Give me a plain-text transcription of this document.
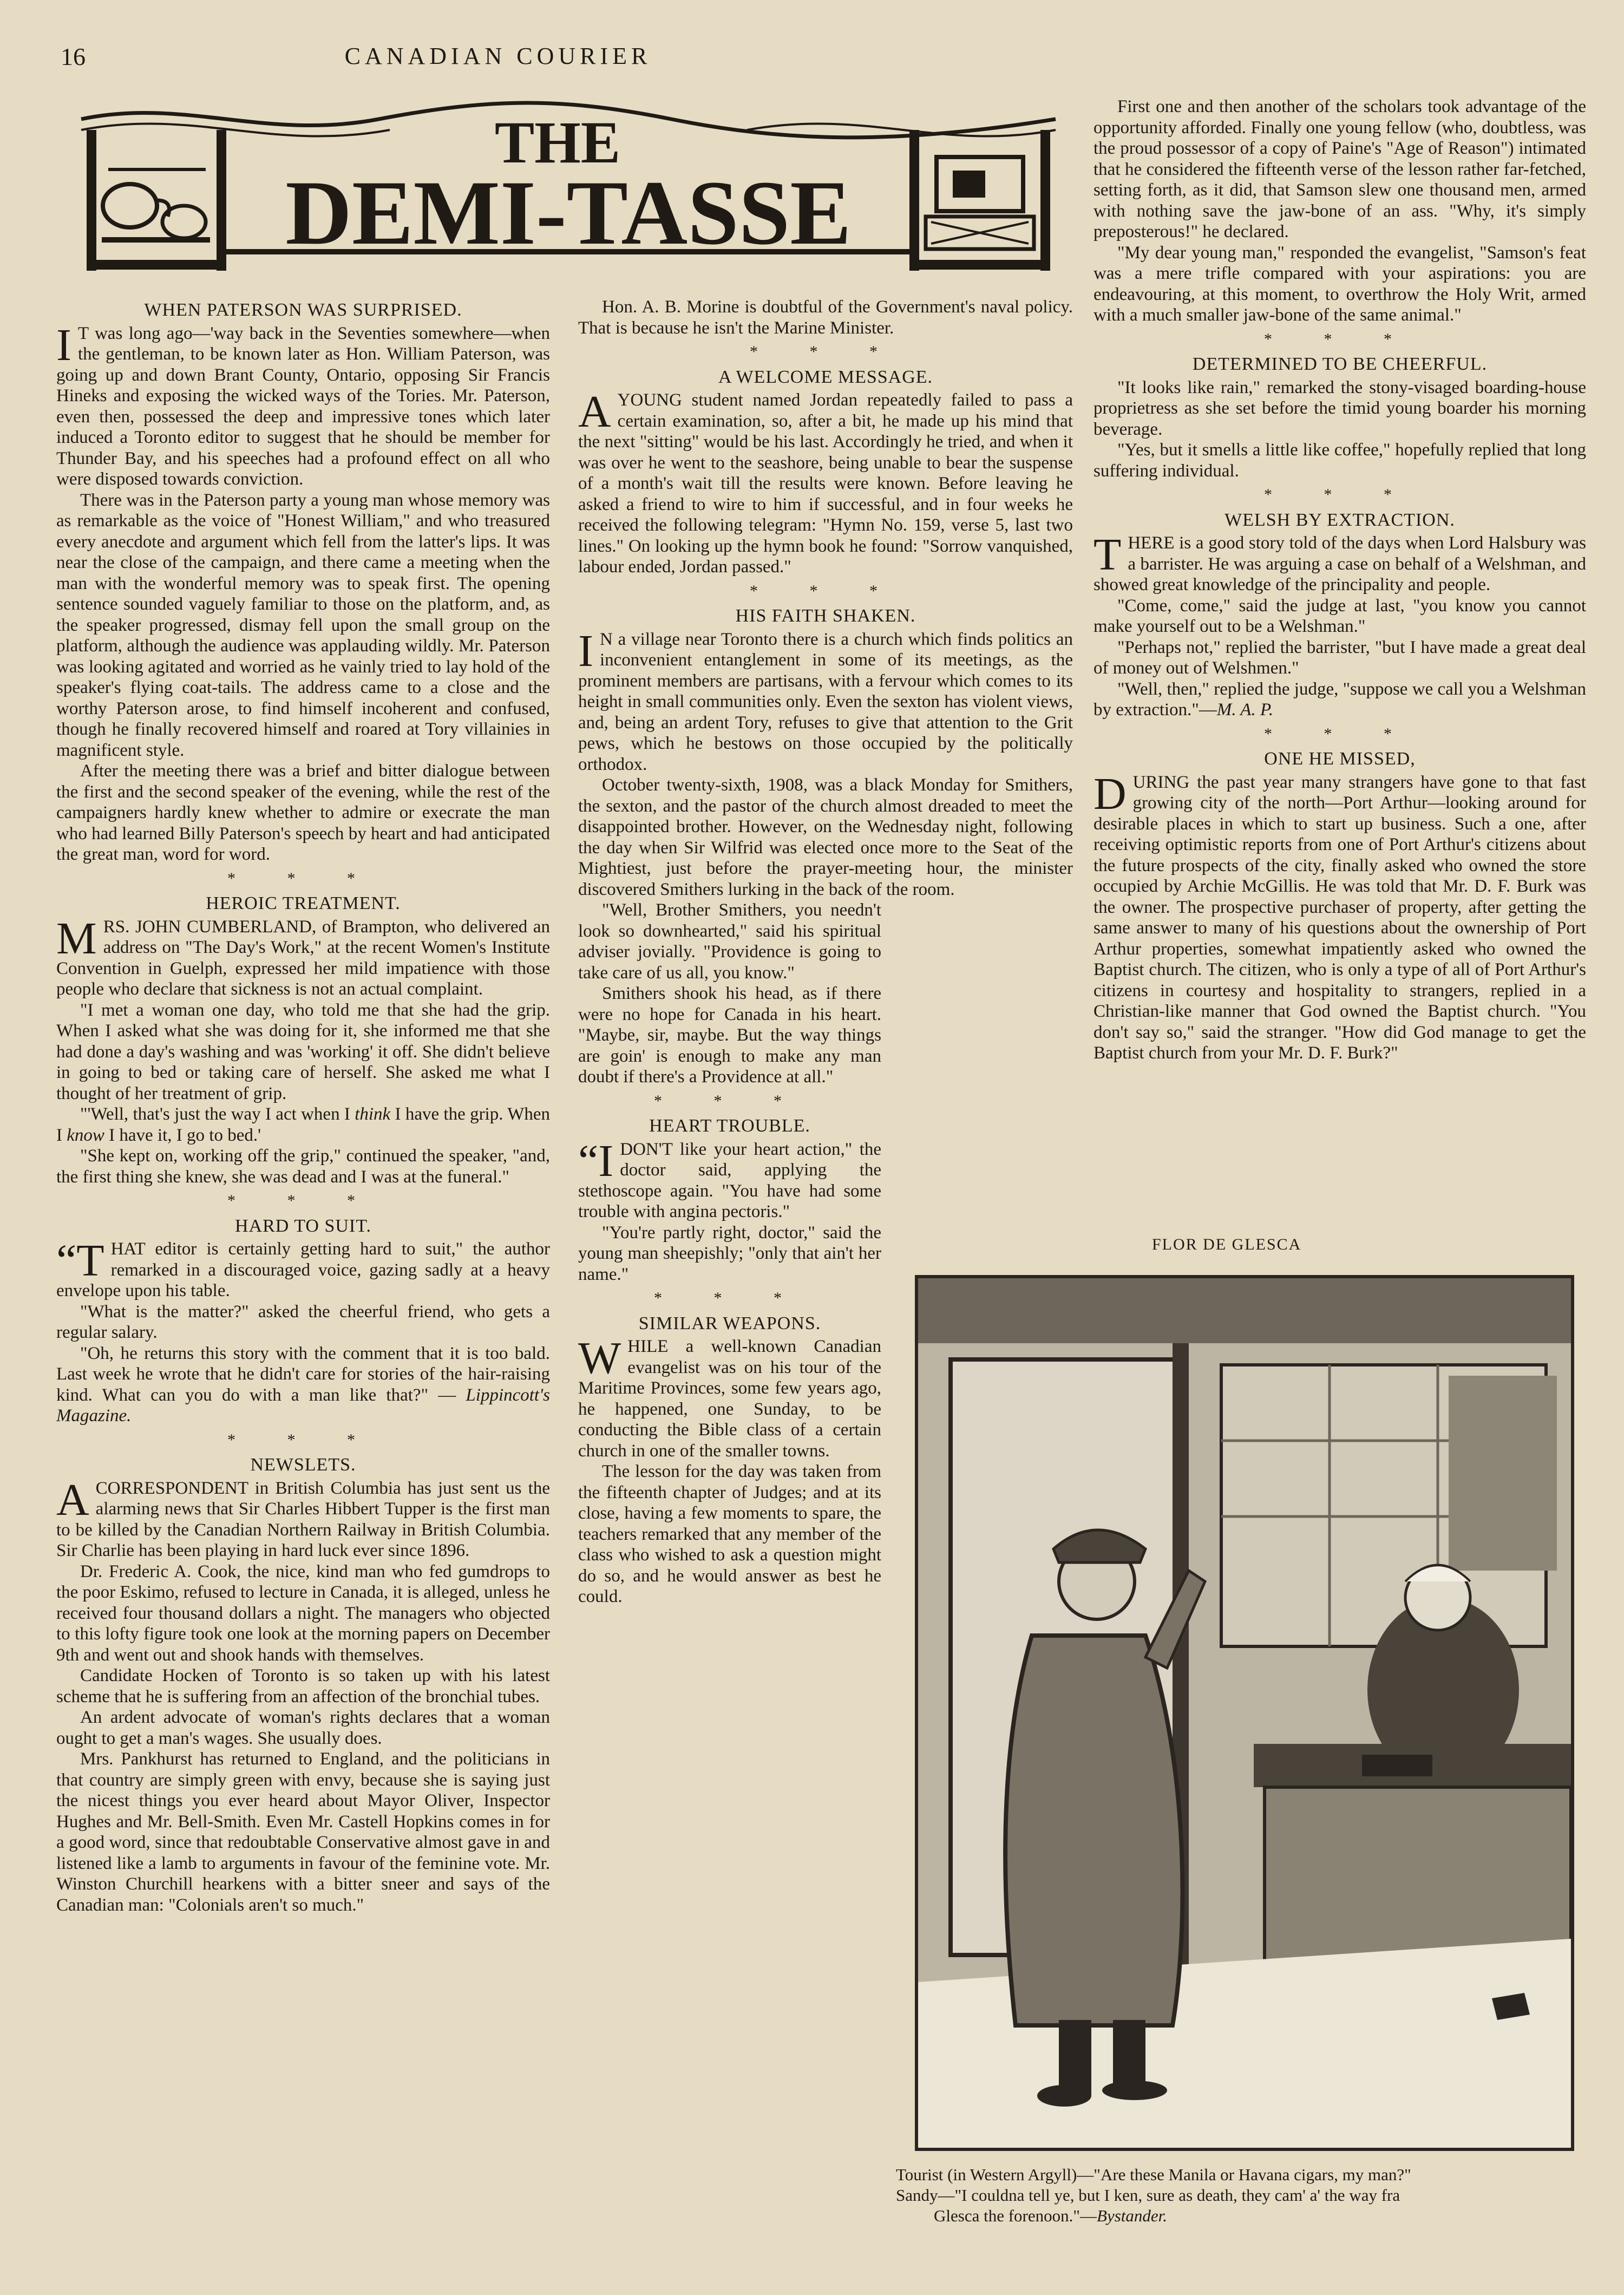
16	CANADIAN COURIER
THE
DEMI-TASSE
WHEN PATERSON WAS SURPRISED.

I T was long ago—'way back in the Seventies somewhere—when the gentleman, to be known later as Hon. William Paterson, was going up and down Brant County, Ontario, opposing Sir Francis Hineks and exposing the wicked ways of the Tories. Mr. Paterson, even then, possessed the deep and impressive tones which later induced a Toronto editor to suggest that he should be member for Thunder Bay, and his speeches had a profound effect on all who were disposed towards conviction.

There was in the Paterson party a young man whose memory was as remarkable as the voice of "Honest William," and who treasured every anecdote and argument which fell from the latter's lips. It was near the close of the campaign, and there came a meeting when the man with the wonderful memory was to speak first. The opening sentence sounded vaguely familiar to those on the platform, and, as the speaker progressed, dismay fell upon the small group on the platform, although the audience was applauding wildly. Mr. Paterson was looking agitated and worried as he vainly tried to lay hold of the speaker's flying coat-tails. The address came to a close and the worthy Paterson arose, to find himself incoherent and confused, though he finally recovered himself and roared at Tory villainies in magnificent style.

After the meeting there was a brief and bitter dialogue between the first and the second speaker of the evening, while the rest of the campaigners hardly knew whether to admire or execrate the man who had learned Billy Paterson's speech by heart and had anticipated the great man, word for word.

* * *
HEROIC TREATMENT.

MRS. JOHN CUMBERLAND, of Brampton, who delivered an address on "The Day's Work," at the recent Women's Institute Convention in Guelph, expressed her mild impatience with those people who declare that sickness is not an actual complaint.

"I met a woman one day, who told me that she had the grip. When I asked what she was doing for it, she informed me that she had done a day's washing and was 'working' it off. She didn't believe in going to bed or taking care of herself. She asked me what I thought of her treatment of grip.

"'Well, that's just the way I act when I think I have the grip. When I know I have it, I go to bed.'

"She kept on, working off the grip," continued the speaker, "and, the first thing she knew, she was dead and I was at the funeral."

* * *
HARD TO SUIT.

“THAT editor is certainly getting hard to suit," the author remarked in a discouraged voice, gazing sadly at a heavy envelope upon his table.

"What is the matter?" asked the cheerful friend, who gets a regular salary.

"Oh, he returns this story with the comment that it is too bald. Last week he wrote that he didn't care for stories of the hair-raising kind. What can you do with a man like that?" — Lippincott's Magazine.

* * *
NEWSLETS.

ACORRESPONDENT in British Columbia has just sent us the alarming news that Sir Charles Hibbert Tupper is the first man to be killed by the Canadian Northern Railway in British Columbia. Sir Charlie has been playing in hard luck ever since 1896.

Dr. Frederic A. Cook, the nice, kind man who fed gumdrops to the poor Eskimo, refused to lecture in Canada, it is alleged, unless he received four thousand dollars a night. The managers who objected to this lofty figure took one look at the morning papers on December 9th and went out and shook hands with themselves.

Candidate Hocken of Toronto is so taken up with his latest scheme that he is suffering from an affection of the bronchial tubes.

An ardent advocate of woman's rights declares that a woman ought to get a man's wages. She usually does.

Mrs. Pankhurst has returned to England, and the politicians in that country are simply green with envy, because she is saying just the nicest things you ever heard about Mayor Oliver, Inspector Hughes and Mr. Bell-Smith. Even Mr. Castell Hopkins comes in for a good word, since that redoubtable Conservative almost gave in and listened like a lamb to arguments in favour of the feminine vote. Mr. Winston Churchill hearkens with a bitter sneer and says of the Canadian man: "Colonials aren't so much."

Hon. A. B. Morine is doubtful of the Government's naval policy. That is because he isn't the Marine Minister.

* * *
A WELCOME MESSAGE.

AYOUNG student named Jordan repeatedly failed to pass a certain examination, so, after a bit, he made up his mind that the next "sitting" would be his last. Accordingly he tried, and when it was over he went to the seashore, being unable to bear the suspense of a month's wait till the results were known. Before leaving he asked a friend to wire to him if successful, and in four weeks he received the following telegram: "Hymn No. 159, verse 5, last two lines." On looking up the hymn book he found: "Sorrow vanquished, labour ended, Jordan passed."

* * *
HIS FAITH SHAKEN.

I N a village near Toronto there is a church which finds politics an inconvenient entanglement in some of its meetings, as the prominent members are partisans, with a fervour which comes to its height in small communities only. Even the sexton has violent views, and, being an ardent Tory, refuses to give that attention to the Grit pews, which he bestows on those occupied by the politically orthodox.

October twenty-sixth, 1908, was a black Monday for Smithers, the sexton, and the pastor of the church almost dreaded to meet the disappointed brother. However, on the Wednesday night, following the day when Sir Wilfrid was elected once more to the Seat of the Mightiest, just before the prayer-meeting hour, the minister discovered Smithers lurking in the back of the room.

"Well, Brother Smithers, you needn't look so downhearted," said his spiritual adviser jovially. "Providence is going to take care of us all, you know."

Smithers shook his head, as if there were no hope for Canada in his heart. "Maybe, sir, maybe. But the way things are goin' is enough to make any man doubt if there's a Providence at all."

* * *
HEART TROUBLE.

“IDON'T like your heart action," the doctor said, applying the stethoscope again. "You have had some trouble with angina pectoris."

"You're partly right, doctor," said the young man sheepishly; "only that ain't her name."

* * *
SIMILAR WEAPONS.

WHILE a well-known Canadian evangelist was on his tour of the Maritime Provinces, some few years ago, he happened, one Sunday, to be conducting the Bible class of a certain church in one of the smaller towns.

The lesson for the day was taken from the fifteenth chapter of Judges; and at its close, having a few moments to spare, the teachers remarked that any member of the class who wished to ask a question might do so, and he would answer as best he could.

First one and then another of the scholars took advantage of the opportunity afforded. Finally one young fellow (who, doubtless, was the proud possessor of a copy of Paine's "Age of Reason") intimated that he considered the fifteenth verse of the lesson rather far-fetched, setting forth, as it did, that Samson slew one thousand men, armed with nothing save the jaw-bone of an ass. "Why, it's simply preposterous!" he declared.

"My dear young man," responded the evangelist, "Samson's feat was a mere trifle compared with your aspirations: you are endeavouring, at this moment, to overthrow the Holy Writ, armed with a much smaller jaw-bone of the same animal."

* * *
DETERMINED TO BE CHEERFUL.

"It looks like rain," remarked the stony-visaged boarding-house proprietress as she set before the timid young boarder his morning beverage.

"Yes, but it smells a little like coffee," hopefully replied that long suffering individual.

* * *
WELSH BY EXTRACTION.

THERE is a good story told of the days when Lord Halsbury was a barrister. He was arguing a case on behalf of a Welshman, and showed great knowledge of the principality and people.

"Come, come," said the judge at last, "you know you cannot make yourself out to be a Welshman."

"Perhaps not," replied the barrister, "but I have made a great deal of money out of Welshmen."

"Well, then," replied the judge, "suppose we call you a Welshman by extraction."—M. A. P.

* * *
ONE HE MISSED,

DURING the past year many strangers have gone to that fast growing city of the north—Port Arthur—looking around for desirable places in which to start up business. Such a one, after receiving optimistic reports from one of Port Arthur's citizens about the future prospects of the city, finally asked who owned the store occupied by Archie McGillis. He was told that Mr. D. F. Burk was the owner. The prospective purchaser of property, after getting the same answer to many of his questions about the ownership of Port Arthur properties, somewhat impatiently asked who owned the Baptist church. The citizen, who is only a type of all of Port Arthur's citizens in courtesy and hospitality to strangers, replied in a Christian-like manner that God owned the Baptist church. "You don't say so," said the stranger. "How did God manage to get the Baptist church from your Mr. D. F. Burk?"

FLOR DE GLESCA
Tourist (in Western Argyll)—"Are these Manila or Havana cigars, my man?"
Sandy—"I couldna tell ye, but I ken, sure as death, they cam' a' the way fra
Glesca the forenoon."—Bystander.
